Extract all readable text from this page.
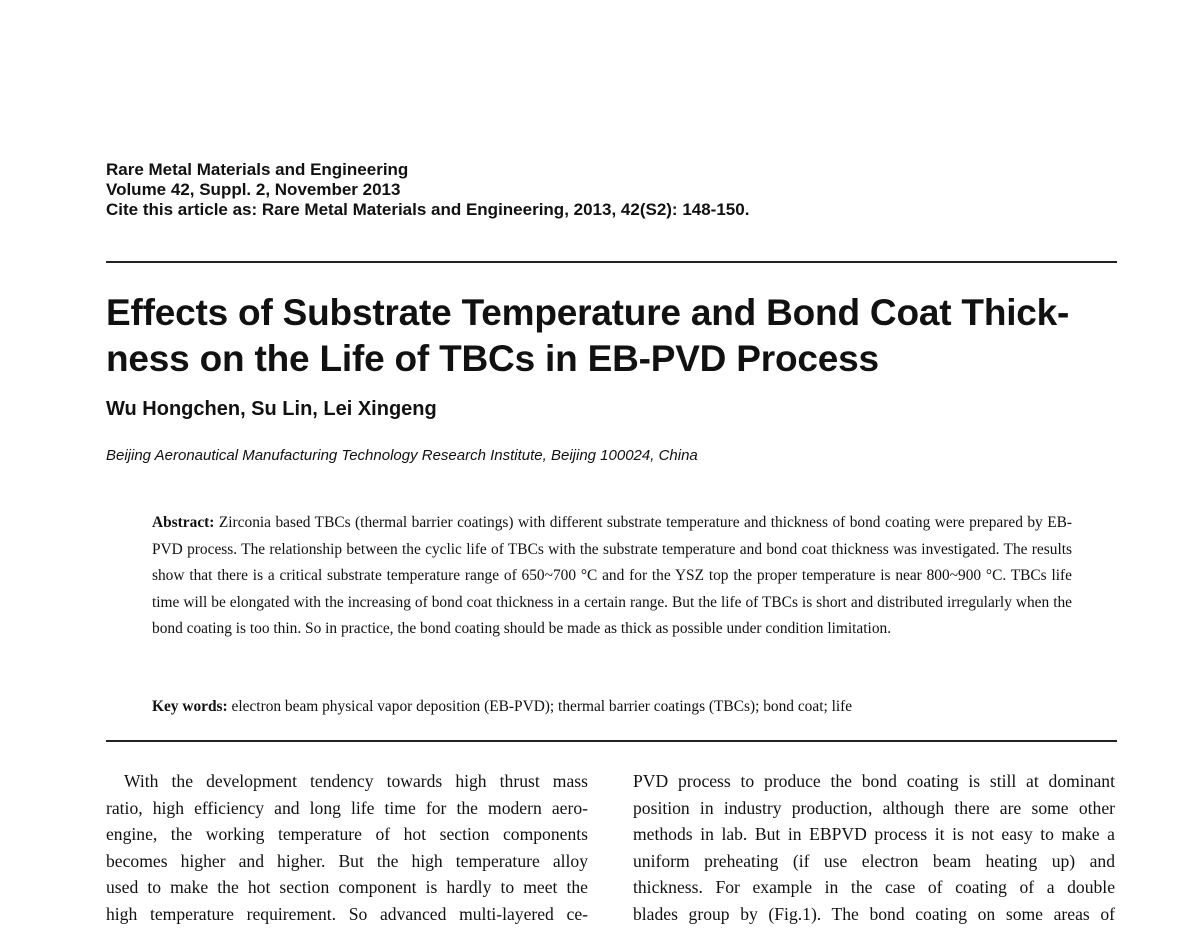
Rare Metal Materials and Engineering
Volume 42, Suppl. 2, November 2013
Cite this article as: Rare Metal Materials and Engineering, 2013, 42(S2): 148-150.
Effects of Substrate Temperature and Bond Coat Thick-
ness on the Life of TBCs in EB-PVD Process
Wu Hongchen, Su Lin, Lei Xingeng
Beijing Aeronautical Manufacturing Technology Research Institute, Beijing 100024, China

Abstract: Zirconia based TBCs (thermal barrier coatings) with different substrate temperature and thickness of bond coating were prepared by EB-PVD process. The relationship between the cyclic life of TBCs with the substrate temperature and bond coat thickness was investigated. The results show that there is a critical substrate temperature range of 650~700 °C and for the YSZ top the proper temperature is near 800~900 °C. TBCs life time will be elongated with the increasing of bond coat thickness in a certain range. But the life of TBCs is short and distributed irregularly when the bond coating is too thin. So in practice, the bond coating should be made as thick as possible under condition limitation.

Key words: electron beam physical vapor deposition (EB-PVD); thermal barrier coatings (TBCs); bond coat; life
With the development tendency towards high thrust mass
ratio, high efficiency and long life time for the modern aero-
engine, the working temperature of hot section components
becomes higher and higher. But the high temperature alloy
used to make the hot section component is hardly to meet the
high temperature requirement. So advanced multi-layered ce-
PVD process to produce the bond coating is still at dominant
position in industry production, although there are some other
methods in lab. But in EBPVD process it is not easy to make a
uniform preheating (if use electron beam heating up) and
thickness. For example in the case of coating of a double
blades group by (Fig.1). The bond coating on some areas of
